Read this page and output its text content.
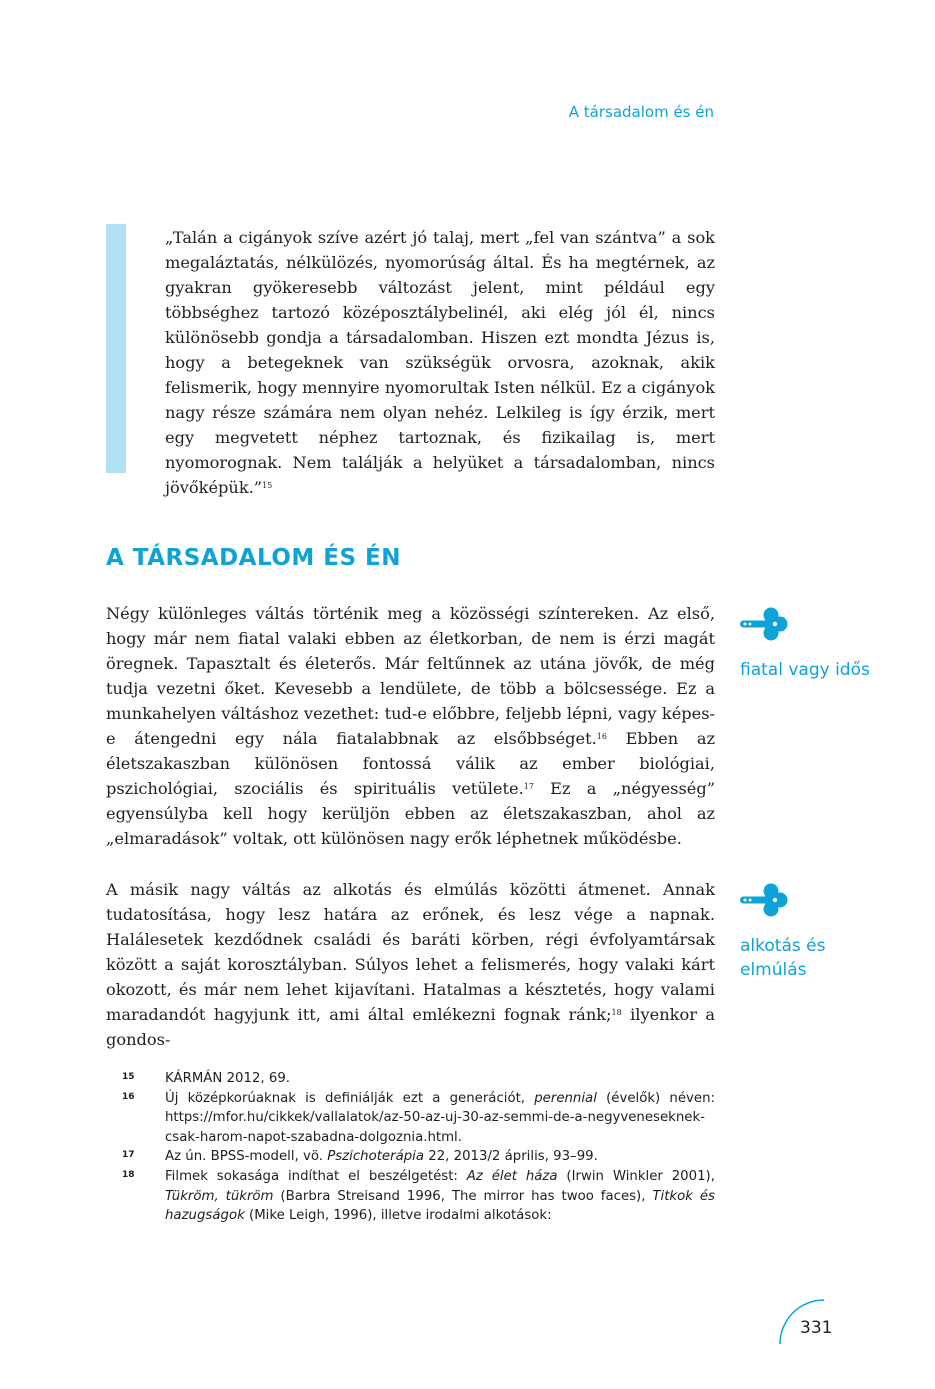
A társadalom és én

„Talán a cigányok szíve azért jó talaj, mert „fel van szántva” a sok megaláztatás, nélkülözés, nyomorúság által. És ha megtérnek, az gyakran gyökeresebb változást jelent, mint például egy többséghez tartozó középosztálybelinél, aki elég jól él, nincs különösebb gondja a társadalomban. Hiszen ezt mondta Jézus is, hogy a betegeknek van szükségük orvosra, azoknak, akik felismerik, hogy mennyire nyomorultak Isten nélkül. Ez a cigányok nagy része számára nem olyan nehéz. Lelkileg is így érzik, mert egy megvetett néphez tartoznak, és fizikailag is, mert nyomorognak. Nem találják a helyüket a társadalomban, nincs jövőképük.”$^{15}$

A TÁRSADALOM ÉS ÉN

Négy különleges váltás történik meg a közösségi színtereken. Az első, hogy már nem fiatal valaki ebben az életkorban, de nem is érzi magát öregnek. Tapasztalt és életerős. Már feltűnnek az utána jövők, de még tudja vezetni őket. Kevesebb a lendülete, de több a bölcsessége. Ez a munkahelyen váltáshoz vezethet: tud-e előbbre, feljebb lépni, vagy képes-e átengedni egy nála fiatalabbnak az elsőbbséget.$^{16}$ Ebben az életszakaszban különösen fontossá válik az ember biológiai, pszichológiai, szociális és spirituális vetülete.$^{17}$ Ez a „négyesség” egyensúlyba kell hogy kerüljön ebben az életszakaszban, ahol az „elmaradások” voltak, ott különösen nagy erők léphetnek működésbe.

A másik nagy váltás az alkotás és elmúlás közötti átmenet. Annak tudatosítása, hogy lesz határa az erőnek, és lesz vége a napnak. Halálesetek kezdődnek családi és baráti körben, régi évfolyamtársak között a saját korosztályban. Súlyos lehet a felismerés, hogy valaki kárt okozott, és már nem lehet kijavítani. Hatalmas a késztetés, hogy valami maradandót hagyjunk itt, ami által emlékezni fognak ránk;$^{18}$ ilyenkor a gondos-

fiatal vagy idős
alkotás és elmúlás
15	KÁRMÁN 2012, 69.
16	Új középkorúaknak is definiálják ezt a generációt, perennial (évelők) néven: https://mfor.hu/cikkek/vallalatok/az-50-az-uj-30-az-semmi-de-a-negyveneseknek-csak-harom-napot-szabadna-dolgoznia.html.
17	Az ún. BPSS-modell, vö. Pszichoterápia 22, 2013/2 április, 93–99.
18	Filmek sokasága indíthat el beszélgetést: Az élet háza (Irwin Winkler 2001), Tükröm, tükröm (Barbra Streisand 1996, The mirror has twoo faces), Titkok és hazugságok (Mike Leigh, 1996), illetve irodalmi alkotások:
331
